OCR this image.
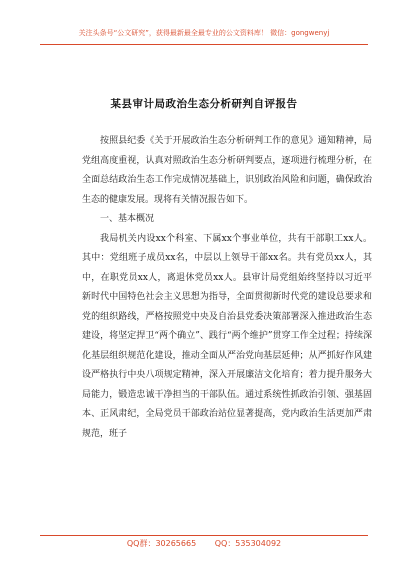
关注头条号“公文研究”，获得最新最全最专业的公文资料库！ 微信：gongwenyj
某县审计局政治生态分析研判自评报告

按照县纪委《关于开展政治生态分析研判工作的意见》通知精神，局党组高度重视，认真对照政治生态分析研判要点，逐项进行梳理分析，在全面总结政治生态工作完成情况基础上，识别政治风险和问题，确保政治生态的健康发展。现将有关情况报告如下。

一、基本概况

我局机关内设xx个科室、下属xx个事业单位，共有干部职工xx人。其中：党组班子成员xx名，中层以上领导干部xx名。共有党员xx人，其中，在职党员xx人，离退休党员xx人。县审计局党组始终坚持以习近平新时代中国特色社会主义思想为指导，全面贯彻新时代党的建设总要求和党的组织路线，严格按照党中央及自治县党委决策部署深入推进政治生态建设，将坚定捍卫“两个确立”、践行“两个维护”贯穿工作全过程；持续深化基层组织规范化建设，推动全面从严治党向基层延伸；从严抓好作风建设严格执行中央八项规定精神，深入开展廉洁文化培育；着力提升服务大局能力，锻造忠诚干净担当的干部队伍。通过系统性抓政治引领、强基固本、正风肃纪，全局党员干部政治站位显著提高，党内政治生活更加严肃规范，班子

QQ群：30265665 QQ：535304092
